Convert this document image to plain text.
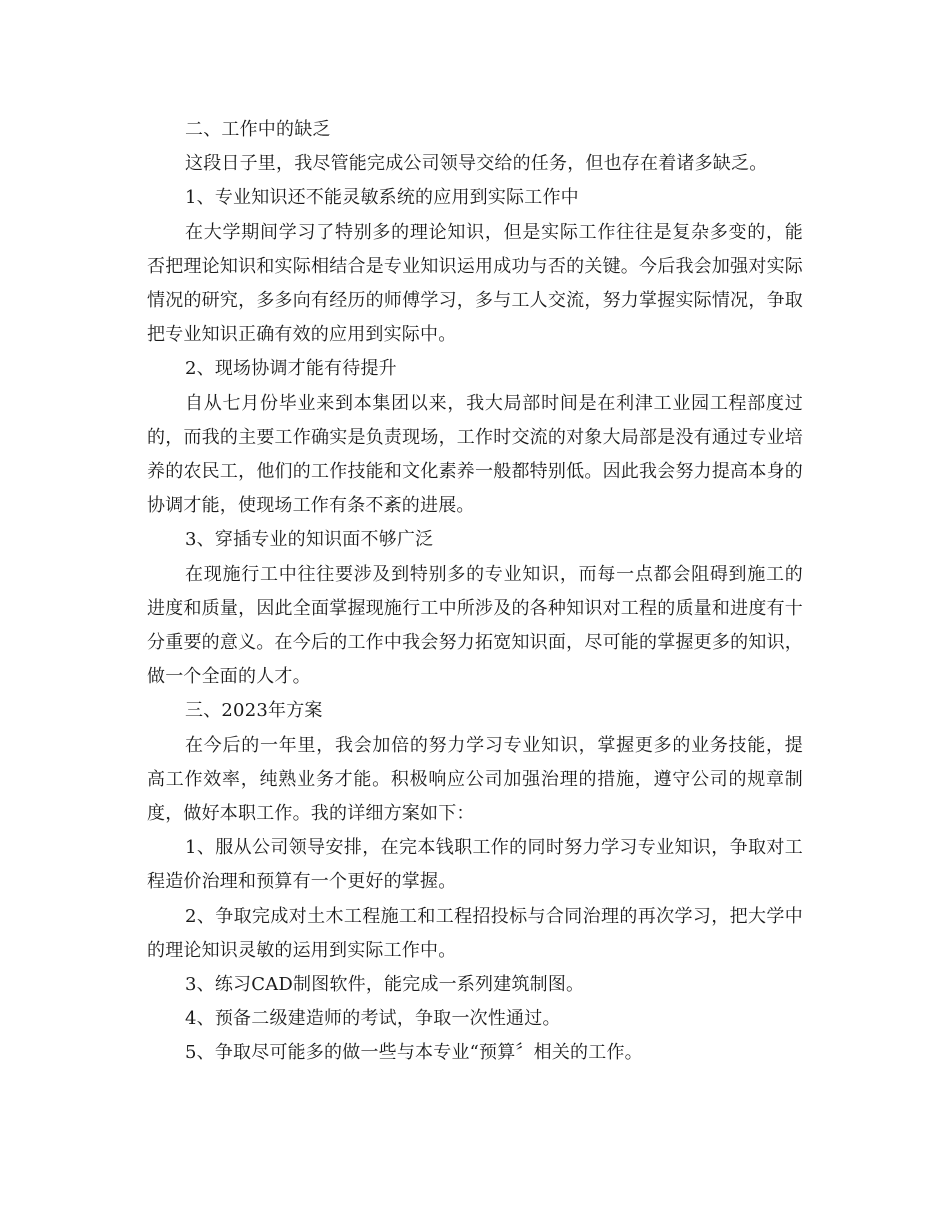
二、工作中的缺乏

这段日子里，我尽管能完成公司领导交给的任务，但也存在着诸多缺乏。

1、专业知识还不能灵敏系统的应用到实际工作中

在大学期间学习了特别多的理论知识，但是实际工作往往是复杂多变的，能否把理论知识和实际相结合是专业知识运用成功与否的关键。今后我会加强对实际情况的研究，多多向有经历的师傅学习，多与工人交流，努力掌握实际情况，争取把专业知识正确有效的应用到实际中。

2、现场协调才能有待提升

自从七月份毕业来到本集团以来，我大局部时间是在利津工业园工程部度过的，而我的主要工作确实是负责现场，工作时交流的对象大局部是没有通过专业培养的农民工，他们的工作技能和文化素养一般都特别低。因此我会努力提高本身的协调才能，使现场工作有条不紊的进展。

3、穿插专业的知识面不够广泛

在现施行工中往往要涉及到特别多的专业知识，而每一点都会阻碍到施工的进度和质量，因此全面掌握现施行工中所涉及的各种知识对工程的质量和进度有十分重要的意义。在今后的工作中我会努力拓宽知识面，尽可能的掌握更多的知识，做一个全面的人才。

三、2023年方案

在今后的一年里，我会加倍的努力学习专业知识，掌握更多的业务技能，提高工作效率，纯熟业务才能。积极响应公司加强治理的措施，遵守公司的规章制度，做好本职工作。我的详细方案如下：

1、服从公司领导安排，在完本钱职工作的同时努力学习专业知识，争取对工程造价治理和预算有一个更好的掌握。

2、争取完成对土木工程施工和工程招投标与合同治理的再次学习，把大学中的理论知识灵敏的运用到实际工作中。

3、练习CAD制图软件，能完成一系列建筑制图。

4、预备二级建造师的考试，争取一次性通过。

5、争取尽可能多的做一些与本专业“预算〞相关的工作。
